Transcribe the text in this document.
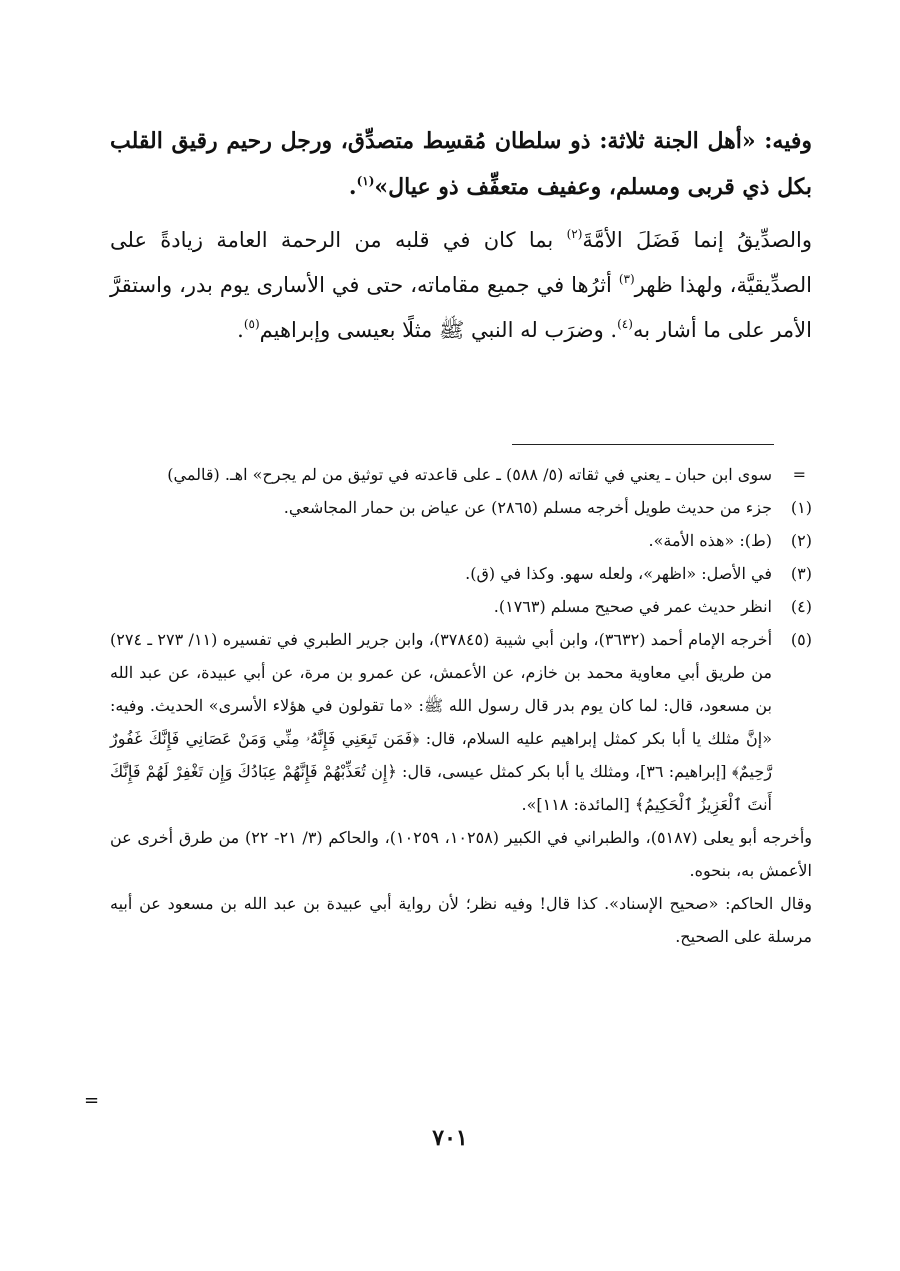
وفيه: «أهل الجنة ثلاثة: ذو سلطان مُقسِط متصدِّق، ورجل رحيم رقيق القلب بكل ذي قربى ومسلم، وعفيف متعفِّف ذو عيال»$^{(١)}$.

والصدِّيقُ إنما فَضَلَ الأمَّةَ$^{(٢)}$ بما كان في قلبه من الرحمة العامة زيادةً على الصدِّيقيَّة، ولهذا ظهر$^{(٣)}$ أثرُها في جميع مقاماته، حتى في الأسارى يوم بدر، واستقرَّ الأمر على ما أشار به$^{(٤)}$. وضرَب له النبي ﷺ مثلًا بعيسى وإبراهيم$^{(٥)}$.

=
سوى ابن حبان ـ يعني في ثقاته (٥/ ٥٨٨) ـ على قاعدته في توثيق من لم يجرح» اهـ. (قالمي)

(١)
جزء من حديث طويل أخرجه مسلم (٢٨٦٥) عن عياض بن حمار المجاشعي.
(٢)
(ط): «هذه الأمة».
(٣)
في الأصل: «اظهر»، ولعله سهو. وكذا في (ق).
(٤)
انظر حديث عمر في صحيح مسلم (١٧٦٣).
(٥)
أخرجه الإمام أحمد (٣٦٣٢)، وابن أبي شيبة (٣٧٨٤٥)، وابن جرير الطبري في تفسيره (١١/ ٢٧٣ ـ ٢٧٤) من طريق أبي معاوية محمد بن خازم، عن الأعمش، عن عمرو بن مرة، عن أبي عبيدة، عن عبد الله بن مسعود، قال: لما كان يوم بدر قال رسول الله ﷺ: «ما تقولون في هؤلاء الأسرى» الحديث. وفيه: «إنَّ مثلك يا أبا بكر كمثل إبراهيم عليه السلام، قال: ﴿فَمَن تَبِعَنِي فَإِنَّهُۥ مِنِّي وَمَنْ عَصَانِي فَإِنَّكَ غَفُورٌ رَّحِيمٌ﴾ [إبراهيم: ٣٦]، ومثلك يا أبا بكر كمثل عيسى، قال: ﴿إِن تُعَذِّبْهُمْ فَإِنَّهُمْ عِبَادُكَ وَإِن تَغْفِرْ لَهُمْ فَإِنَّكَ أَنتَ ٱلْعَزِيزُ ٱلْحَكِيمُ﴾ [المائدة: ١١٨]».

وأخرجه أبو يعلى (٥١٨٧)، والطبراني في الكبير (١٠٢٥٨، ١٠٢٥٩)، والحاكم (٣/ ٢١- ٢٢) من طرق أخرى عن الأعمش به، بنحوه.

وقال الحاكم: «صحيح الإسناد». كذا قال! وفيه نظر؛ لأن رواية أبي عبيدة بن عبد الله بن مسعود عن أبيه مرسلة على الصحيح.

=
٧٠١
